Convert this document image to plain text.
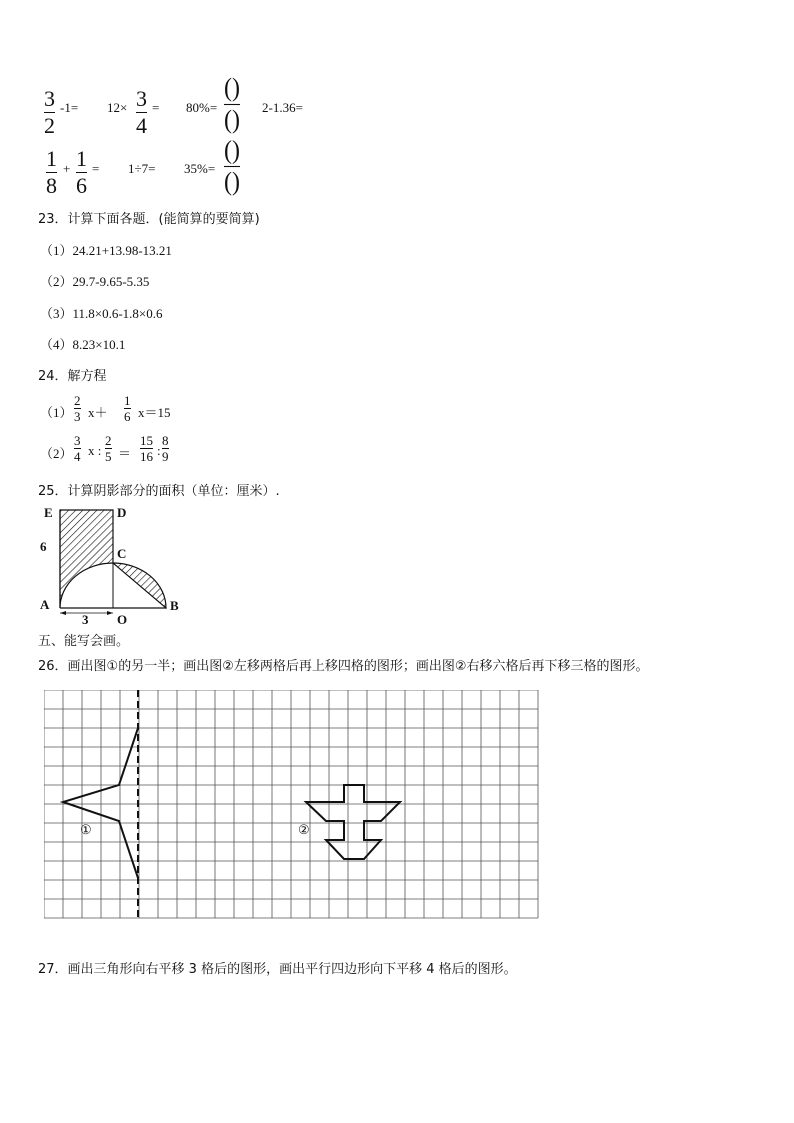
3
2
-1= 12× 3
4
= 80%=
()
() 2-1.36=
1
8
+ 1
6
= 1÷7= 35%=
()
()
23．计算下面各题．(能简算的要简算)
（1）24.21+13.98-13.21
（2）29.7-9.65-5.35
（3）11.8×0.6-1.8×0.6
（4）8.23×10.1
24．解方程
（1）
2
3 x＋
1
6 x＝15
（2）
3
4 x :
2
5 ＝
15
16 :
8
9
25．计算阴影部分的面积（单位：厘米）.
E	D
C
6
A	B
O
3
五、能写会画。
26．画出图①的另一半；画出图②左移两格后再上移四格的图形；画出图②右移六格后再下移三格的图形。
①	②
27．画出三角形向右平移 3 格后的图形，画出平行四边形向下平移 4 格后的图形。
